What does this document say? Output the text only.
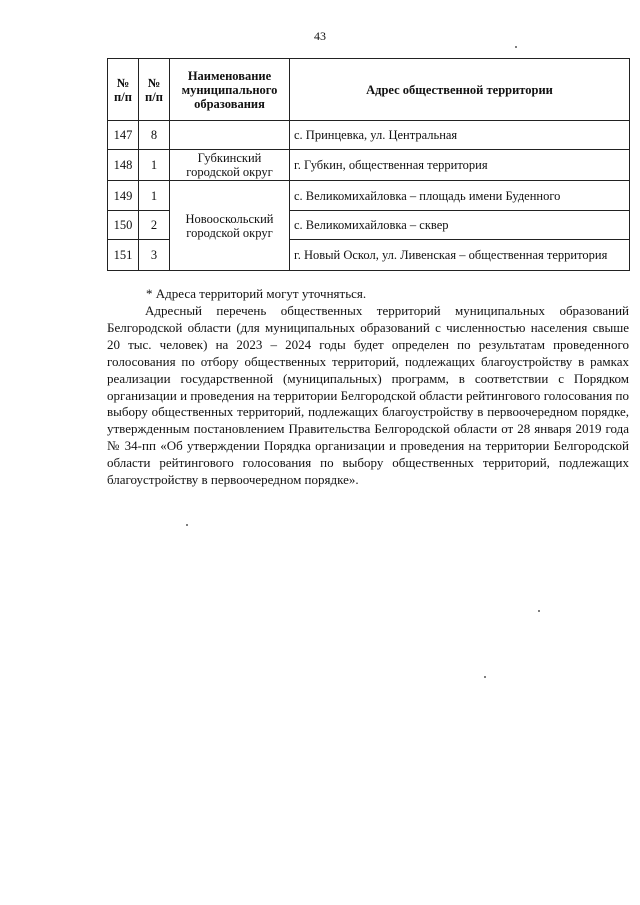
43
№ п/п	№ п/п	Наименование муниципального образования	Адрес общественной территории
147	8		с. Принцевка, ул. Центральная
148	1	Губкинский городской округ	г. Губкин, общественная территория
149	1	Новооскольский городской округ	с. Великомихайловка – площадь имени Буденного
150	2		с. Великомихайловка – сквер
151	3		г. Новый Оскол, ул. Ливенская – общественная территория
* Адреса территорий могут уточняться.

Адресный перечень общественных территорий муниципальных образований Белгородской области (для муниципальных образований с численностью населения свыше 20 тыс. человек) на 2023 – 2024 годы будет определен по результатам проведенного голосования по отбору общественных территорий, подлежащих благоустройству в рамках реализации государственной (муниципальных) программ, в соответствии с Порядком организации и проведения на территории Белгородской области рейтингового голосования по выбору общественных территорий, подлежащих благоустройству в первоочередном порядке, утвержденным постановлением Правительства Белгородской области от 28 января 2019 года № 34-пп «Об утверждении Порядка организации и проведения на территории Белгородской области рейтингового голосования по выбору общественных территорий, подлежащих благоустройству в первоочередном порядке».
